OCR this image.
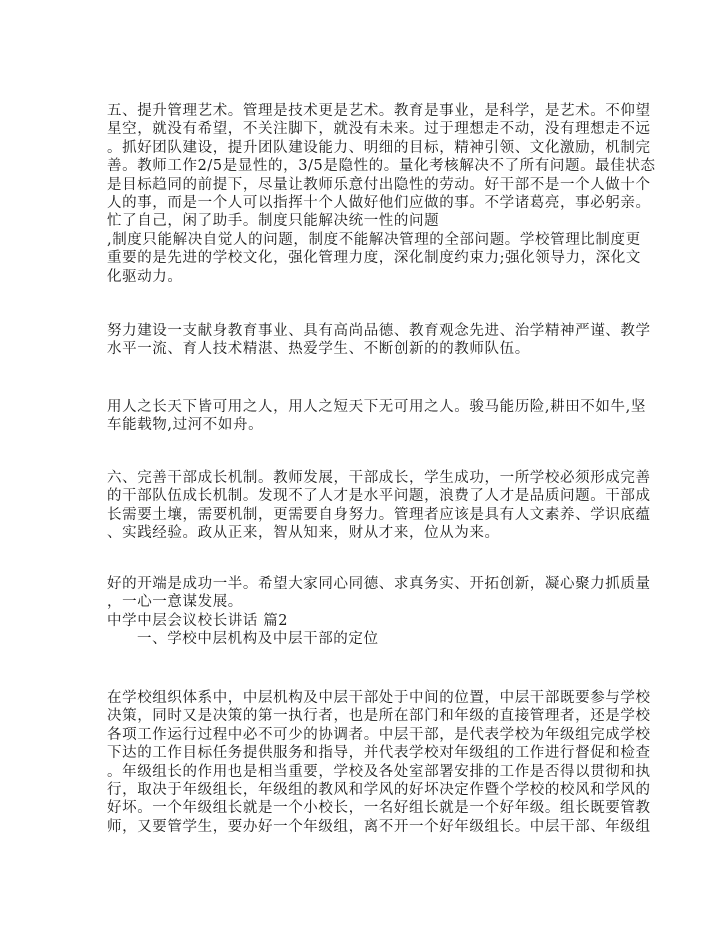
五、提升管理艺术。管理是技术更是艺术。教育是事业，是科学，是艺术。不仰望
星空，就没有希望，不关注脚下，就没有未来。过于理想走不动，没有理想走不远
。抓好团队建设，提升团队建设能力、明细的目标，精神引领、文化激励，机制完
善。教师工作2/5是显性的，3/5是隐性的。量化考核解决不了所有问题。最佳状态
是目标趋同的前提下，尽量让教师乐意付出隐性的劳动。好干部不是一个人做十个
人的事，而是一个人可以指挥十个人做好他们应做的事。不学诸葛亮，事必躬亲。
忙了自己，闲了助手。制度只能解决统一性的问题
,制度只能解决自觉人的问题，制度不能解决管理的全部问题。学校管理比制度更
重要的是先进的学校文化，强化管理力度，深化制度约束力;强化领导力，深化文
化驱动力。
努力建设一支献身教育事业、具有高尚品德、教育观念先进、治学精神严谨、教学
水平一流、育人技术精湛、热爱学生、不断创新的的教师队伍。
用人之长天下皆可用之人，用人之短天下无可用之人。骏马能历险,耕田不如牛,坚
车能载物,过河不如舟。
六、完善干部成长机制。教师发展，干部成长，学生成功，一所学校必须形成完善
的干部队伍成长机制。发现不了人才是水平问题，浪费了人才是品质问题。干部成
长需要土壤，需要机制，更需要自身努力。管理者应该是具有人文素养、学识底蕴
、实践经验。政从正来，智从知来，财从才来，位从为来。
好的开端是成功一半。希望大家同心同德、求真务实、开拓创新，凝心聚力抓质量
，一心一意谋发展。
中学中层会议校长讲话 篇2
一、学校中层机构及中层干部的定位
在学校组织体系中，中层机构及中层干部处于中间的位置，中层干部既要参与学校
决策，同时又是决策的第一执行者，也是所在部门和年级的直接管理者，还是学校
各项工作运行过程中必不可少的协调者。中层干部，是代表学校为年级组完成学校
下达的工作目标任务提供服务和指导，并代表学校对年级组的工作进行督促和检查
。年级组长的作用也是相当重要，学校及各处室部署安排的工作是否得以贯彻和执
行，取决于年级组长，年级组的教风和学风的好坏决定作暨个学校的校风和学风的
好坏。一个年级组长就是一个小校长，一名好组长就是一个好年级。组长既要管教
师，又要管学生，要办好一个年级组，离不开一个好年级组长。中层干部、年级组
